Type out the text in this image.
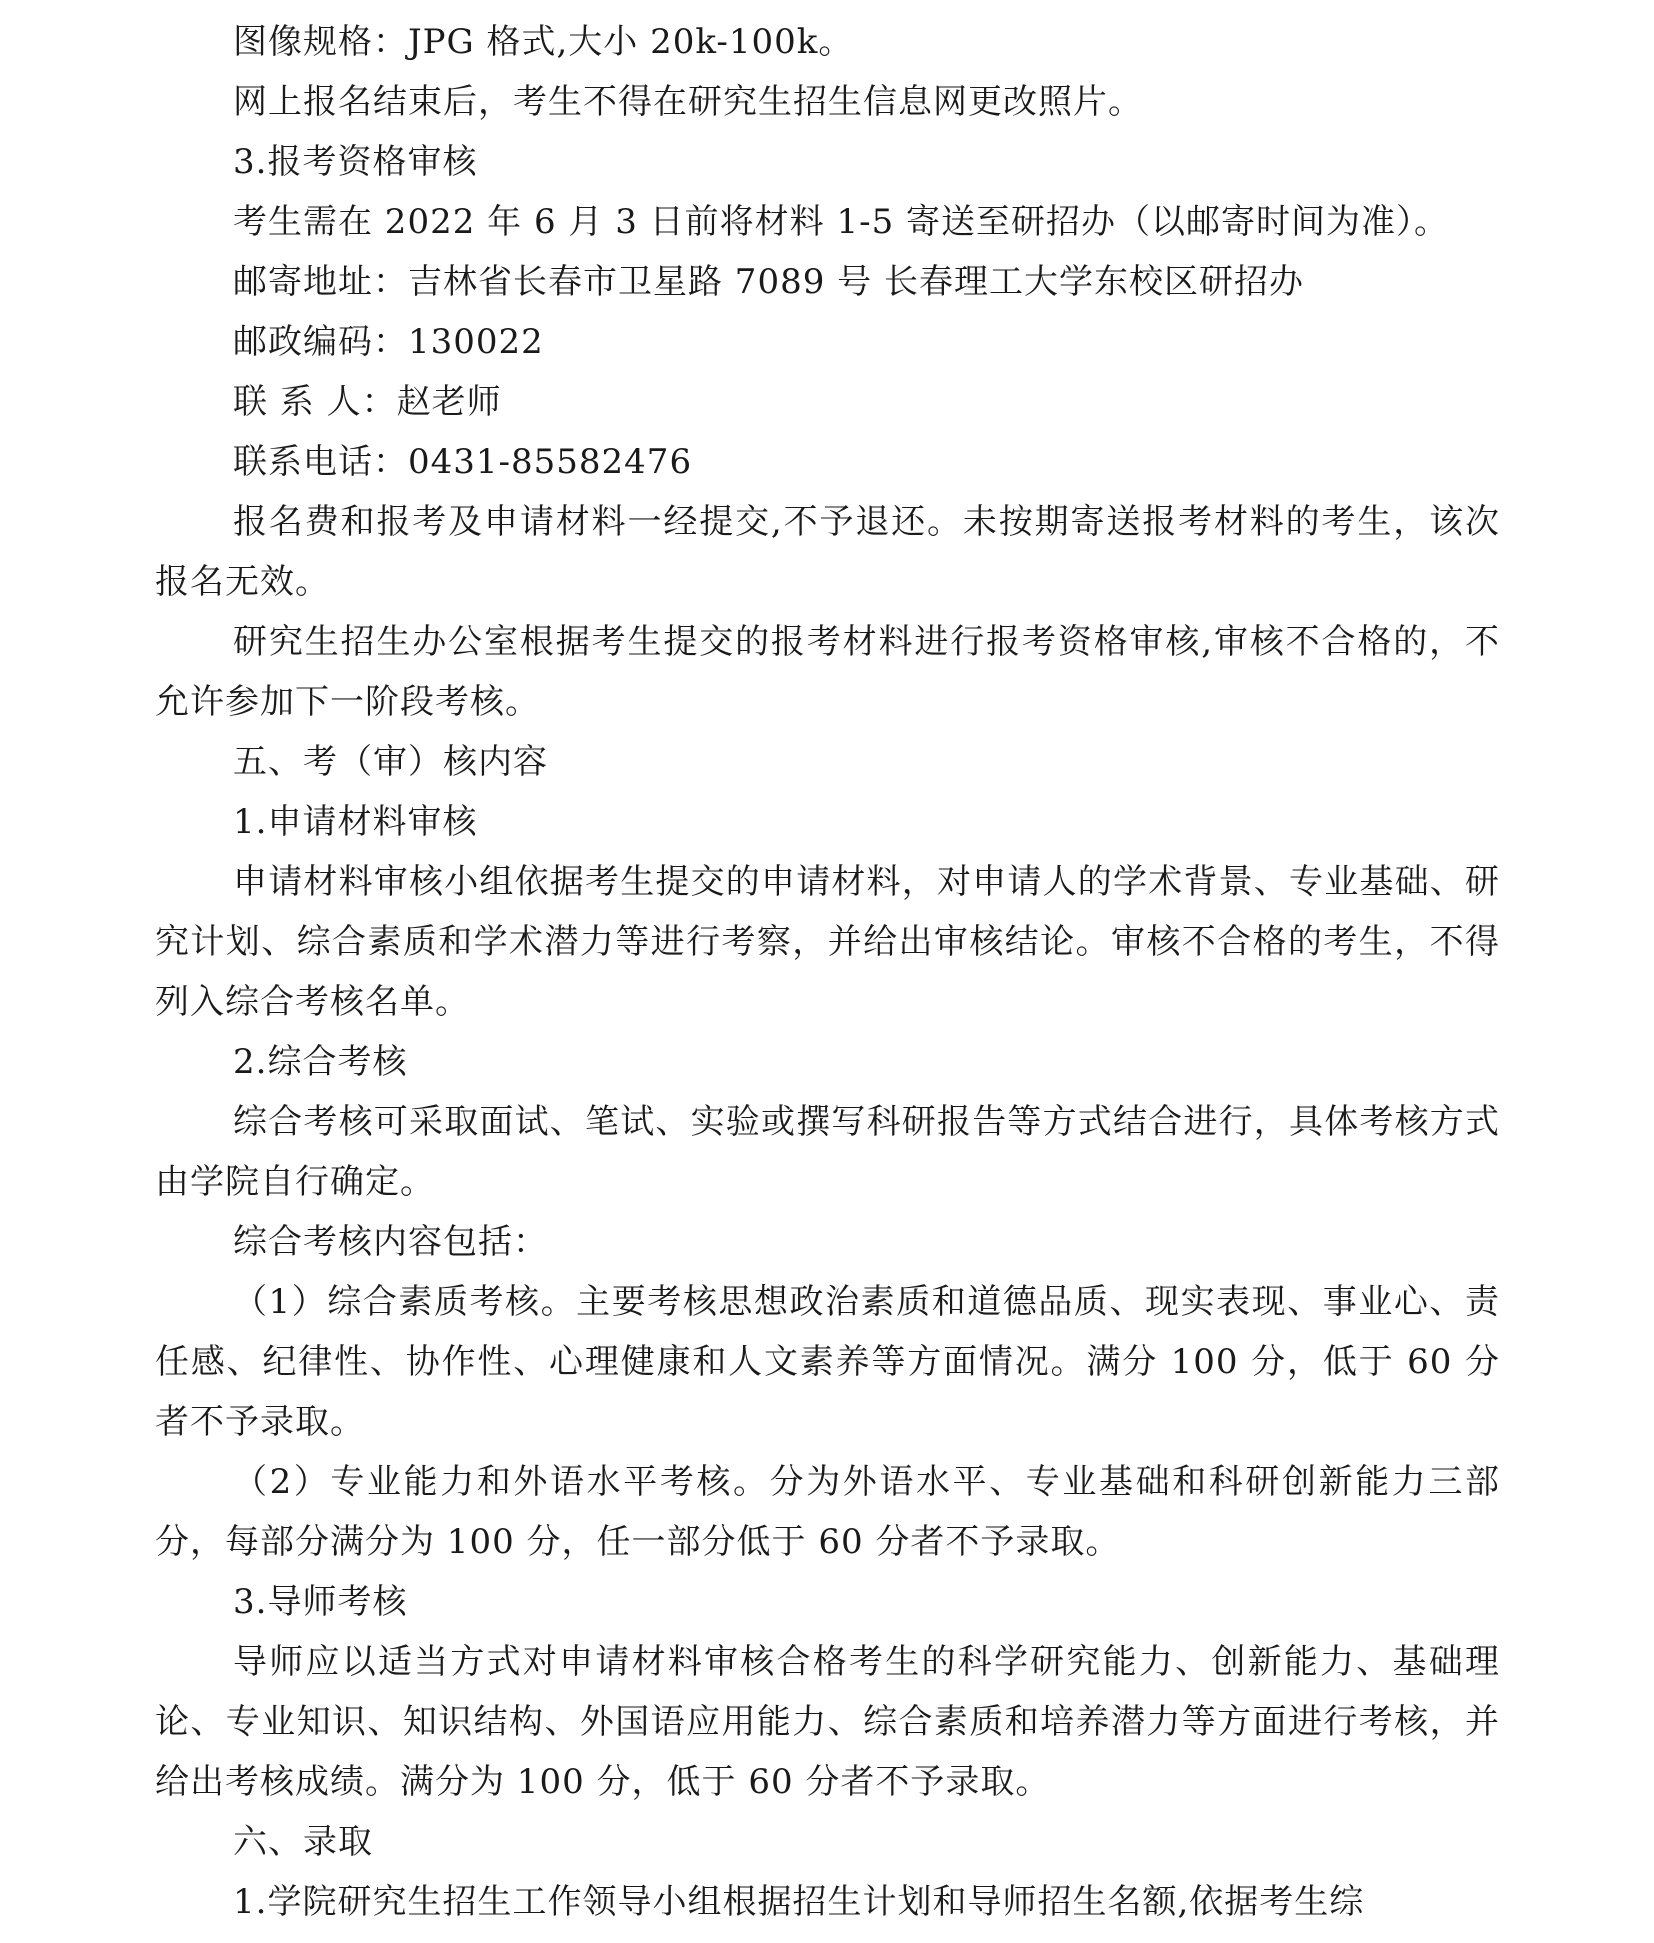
图像规格：JPG 格式,大小 20k-100k。

网上报名结束后，考生不得在研究生招生信息网更改照片。

3.报考资格审核

考生需在 2022 年 6 月 3 日前将材料 1-5 寄送至研招办（以邮寄时间为准）。

邮寄地址：吉林省长春市卫星路 7089 号 长春理工大学东校区研招办

邮政编码：130022

联 系 人：赵老师

联系电话：0431-85582476

报名费和报考及申请材料一经提交,不予退还。未按期寄送报考材料的考生，该次报名无效。

研究生招生办公室根据考生提交的报考材料进行报考资格审核,审核不合格的，不允许参加下一阶段考核。

五、考（审）核内容

1.申请材料审核

申请材料审核小组依据考生提交的申请材料，对申请人的学术背景、专业基础、研究计划、综合素质和学术潜力等进行考察，并给出审核结论。审核不合格的考生，不得列入综合考核名单。

2.综合考核

综合考核可采取面试、笔试、实验或撰写科研报告等方式结合进行，具体考核方式由学院自行确定。

综合考核内容包括：

（1）综合素质考核。主要考核思想政治素质和道德品质、现实表现、事业心、责任感、纪律性、协作性、心理健康和人文素养等方面情况。满分 100 分，低于 60 分者不予录取。

（2）专业能力和外语水平考核。分为外语水平、专业基础和科研创新能力三部分，每部分满分为 100 分，任一部分低于 60 分者不予录取。

3.导师考核

导师应以适当方式对申请材料审核合格考生的科学研究能力、创新能力、基础理论、专业知识、知识结构、外国语应用能力、综合素质和培养潜力等方面进行考核，并给出考核成绩。满分为 100 分，低于 60 分者不予录取。

六、录取

1.学院研究生招生工作领导小组根据招生计划和导师招生名额,依据考生综
